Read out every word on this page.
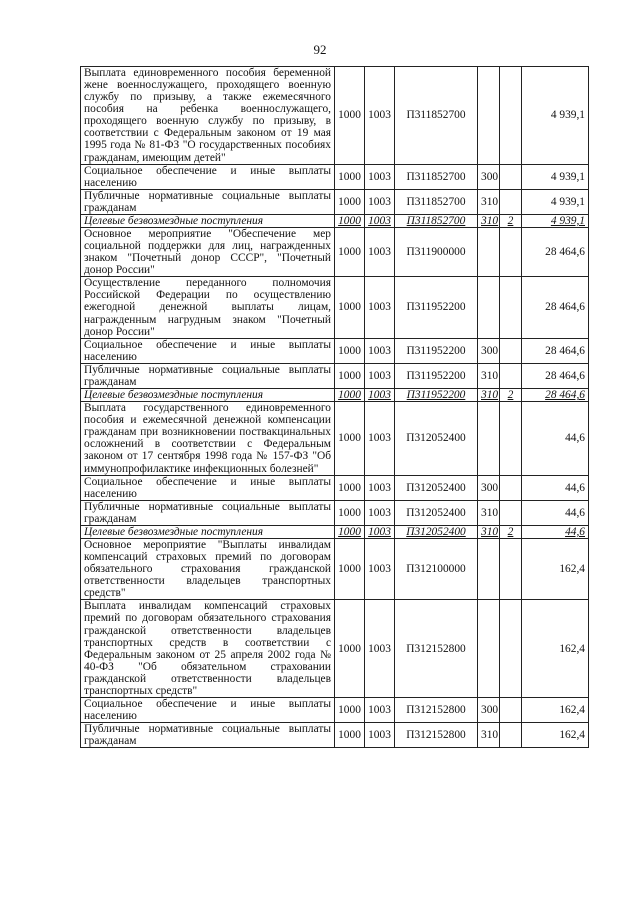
92
Выплата единовременного пособия беременной жене военнослужащего, проходящего военную службу по призыву, а также ежемесячного пособия на ребенка военнослужащего, проходящего военную службу по призыву, в соответствии с Федеральным законом от 19 мая 1995 года № 81-ФЗ "О государственных пособиях гражданам, имеющим детей"	1000	1003	П311852700			4 939,1
Социальное обеспечение и иные выплаты населению	1000	1003	П311852700	300		4 939,1
Публичные нормативные социальные выплаты гражданам	1000	1003	П311852700	310		4 939,1
Целевые безвозмездные поступления	1000	1003	П311852700	310	2	4 939,1
Основное мероприятие "Обеспечение мер социальной поддержки для лиц, награжденных знаком "Почетный донор СССР", "Почетный донор России"	1000	1003	П311900000			28 464,6
Осуществление переданного полномочия Российской Федерации по осуществлению ежегодной денежной выплаты лицам, награжденным нагрудным знаком "Почетный донор России"	1000	1003	П311952200			28 464,6
Социальное обеспечение и иные выплаты населению	1000	1003	П311952200	300		28 464,6
Публичные нормативные социальные выплаты гражданам	1000	1003	П311952200	310		28 464,6
Целевые безвозмездные поступления	1000	1003	П311952200	310	2	28 464,6
Выплата государственного единовременного пособия и ежемесячной денежной компенсации гражданам при возникновении поствакцинальных осложнений в соответствии с Федеральным законом от 17 сентября 1998 года № 157-ФЗ "Об иммунопрофилактике инфекционных болезней"	1000	1003	П312052400			44,6
Социальное обеспечение и иные выплаты населению	1000	1003	П312052400	300		44,6
Публичные нормативные социальные выплаты гражданам	1000	1003	П312052400	310		44,6
Целевые безвозмездные поступления	1000	1003	П312052400	310	2	44,6
Основное мероприятие "Выплаты инвалидам компенсаций страховых премий по договорам обязательного страхования гражданской ответственности владельцев транспортных средств"	1000	1003	П312100000			162,4
Выплата инвалидам компенсаций страховых премий по договорам обязательного страхования гражданской ответственности владельцев транспортных средств в соответствии с Федеральным законом от 25 апреля 2002 года № 40-ФЗ "Об обязательном страховании гражданской ответственности владельцев транспортных средств"	1000	1003	П312152800			162,4
Социальное обеспечение и иные выплаты населению	1000	1003	П312152800	300		162,4
Публичные нормативные социальные выплаты гражданам	1000	1003	П312152800	310		162,4
